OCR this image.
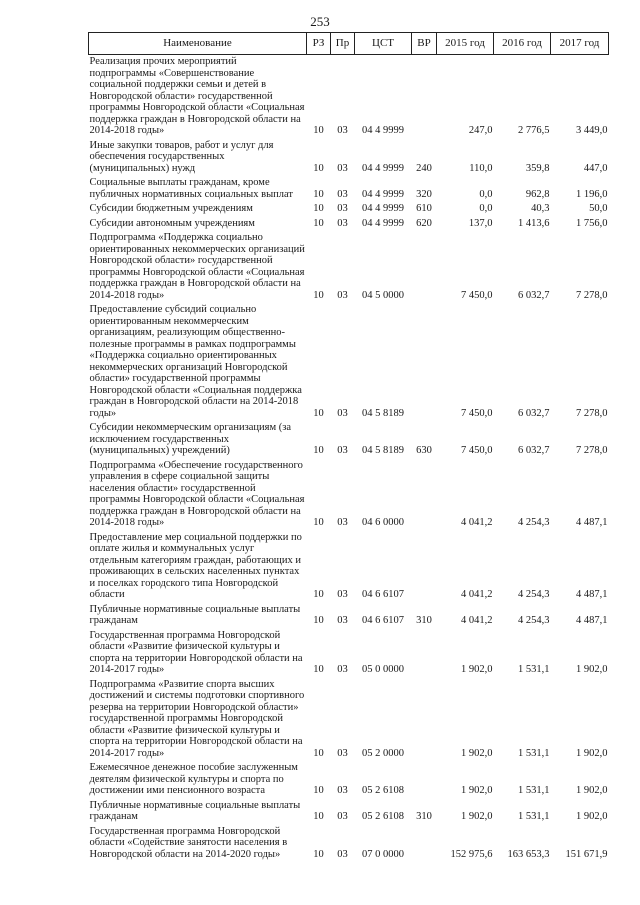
253
Наименование	РЗ	Пр	ЦСТ	ВР	2015 год	2016 год	2017 год
Реализация прочих мероприятий подпрограммы «Совершенствование социальной поддержки семьи и детей в Новгородской области» государственной программы Новгородской области «Социальная поддержка граждан в Новгородской области на 2014-2018 годы»	10	03	04 4 9999		247,0	2 776,5	3 449,0
Иные закупки товаров, работ и услуг для обеспечения государственных (муниципальных) нужд	10	03	04 4 9999	240	110,0	359,8	447,0
Социальные выплаты гражданам, кроме публичных нормативных социальных выплат	10	03	04 4 9999	320	0,0	962,8	1 196,0
Субсидии бюджетным учреждениям	10	03	04 4 9999	610	0,0	40,3	50,0
Субсидии автономным учреждениям	10	03	04 4 9999	620	137,0	1 413,6	1 756,0
Подпрограмма «Поддержка социально ориентированных некоммерческих организаций Новгородской области» государственной программы Новгородской области «Социальная поддержка граждан в Новгородской области на 2014-2018 годы»	10	03	04 5 0000		7 450,0	6 032,7	7 278,0
Предоставление субсидий социально ориентированным некоммерческим организациям, реализующим общественно-полезные программы в рамках подпрограммы «Поддержка социально ориентированных некоммерческих организаций Новгородской области» государственной программы Новгородской области «Социальная поддержка граждан в Новгородской области на 2014-2018 годы»	10	03	04 5 8189		7 450,0	6 032,7	7 278,0
Субсидии некоммерческим организациям (за исключением государственных (муниципальных) учреждений)	10	03	04 5 8189	630	7 450,0	6 032,7	7 278,0
Подпрограмма «Обеспечение государственного управления в сфере социальной защиты населения области» государственной программы Новгородской области «Социальная поддержка граждан в Новгородской области на 2014-2018 годы»	10	03	04 6 0000		4 041,2	4 254,3	4 487,1
Предоставление мер социальной поддержки по оплате жилья и коммунальных услуг отдельным категориям граждан, работающих и проживающих в сельских населенных пунктах и поселках городского типа Новгородской области	10	03	04 6 6107		4 041,2	4 254,3	4 487,1
Публичные нормативные социальные выплаты гражданам	10	03	04 6 6107	310	4 041,2	4 254,3	4 487,1
Государственная программа Новгородской области «Развитие физической культуры и спорта на территории Новгородской области на 2014-2017 годы»	10	03	05 0 0000		1 902,0	1 531,1	1 902,0
Подпрограмма «Развитие спорта высших достижений и системы подготовки спортивного резерва на территории Новгородской области» государственной программы Новгородской области «Развитие физической культуры и спорта на территории Новгородской области на 2014-2017 годы»	10	03	05 2 0000		1 902,0	1 531,1	1 902,0
Ежемесячное денежное пособие заслуженным деятелям физической культуры и спорта по достижении ими пенсионного возраста	10	03	05 2 6108		1 902,0	1 531,1	1 902,0
Публичные нормативные социальные выплаты гражданам	10	03	05 2 6108	310	1 902,0	1 531,1	1 902,0
Государственная программа Новгородской области «Содействие занятости населения в Новгородской области на 2014-2020 годы»	10	03	07 0 0000		152 975,6	163 653,3	151 671,9
